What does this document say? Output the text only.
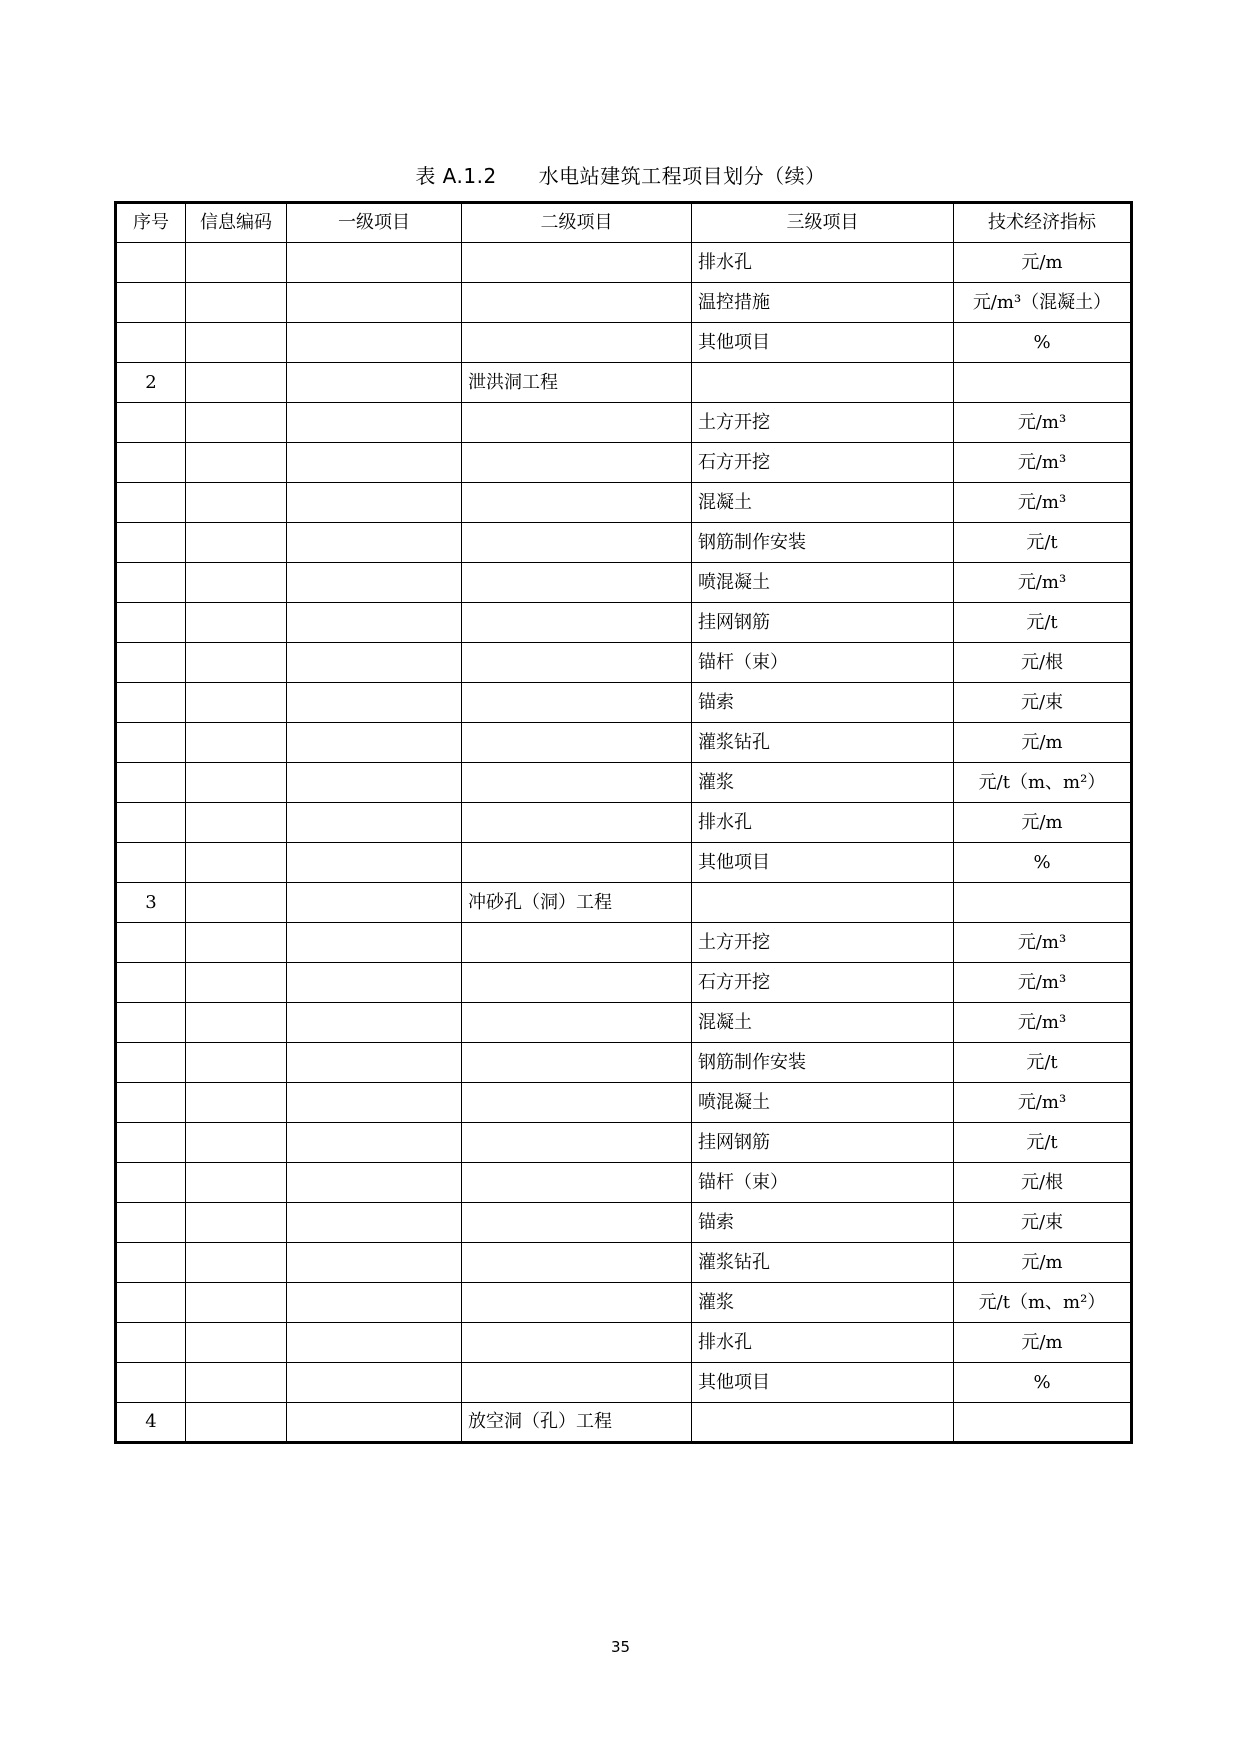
表 A.1.2 水电站建筑工程项目划分（续）
序号	信息编码	一级项目	二级项目	三级项目	技术经济指标
				排水孔	元/m
				温控措施	元/m³（混凝土）
				其他项目	%
2			泄洪洞工程		
				土方开挖	元/m³
				石方开挖	元/m³
				混凝土	元/m³
				钢筋制作安装	元/t
				喷混凝土	元/m³
				挂网钢筋	元/t
				锚杆（束）	元/根
				锚索	元/束
				灌浆钻孔	元/m
				灌浆	元/t（m、m²）
				排水孔	元/m
				其他项目	%
3			冲砂孔（洞）工程		
				土方开挖	元/m³
				石方开挖	元/m³
				混凝土	元/m³
				钢筋制作安装	元/t
				喷混凝土	元/m³
				挂网钢筋	元/t
				锚杆（束）	元/根
				锚索	元/束
				灌浆钻孔	元/m
				灌浆	元/t（m、m²）
				排水孔	元/m
				其他项目	%
4			放空洞（孔）工程		
35
